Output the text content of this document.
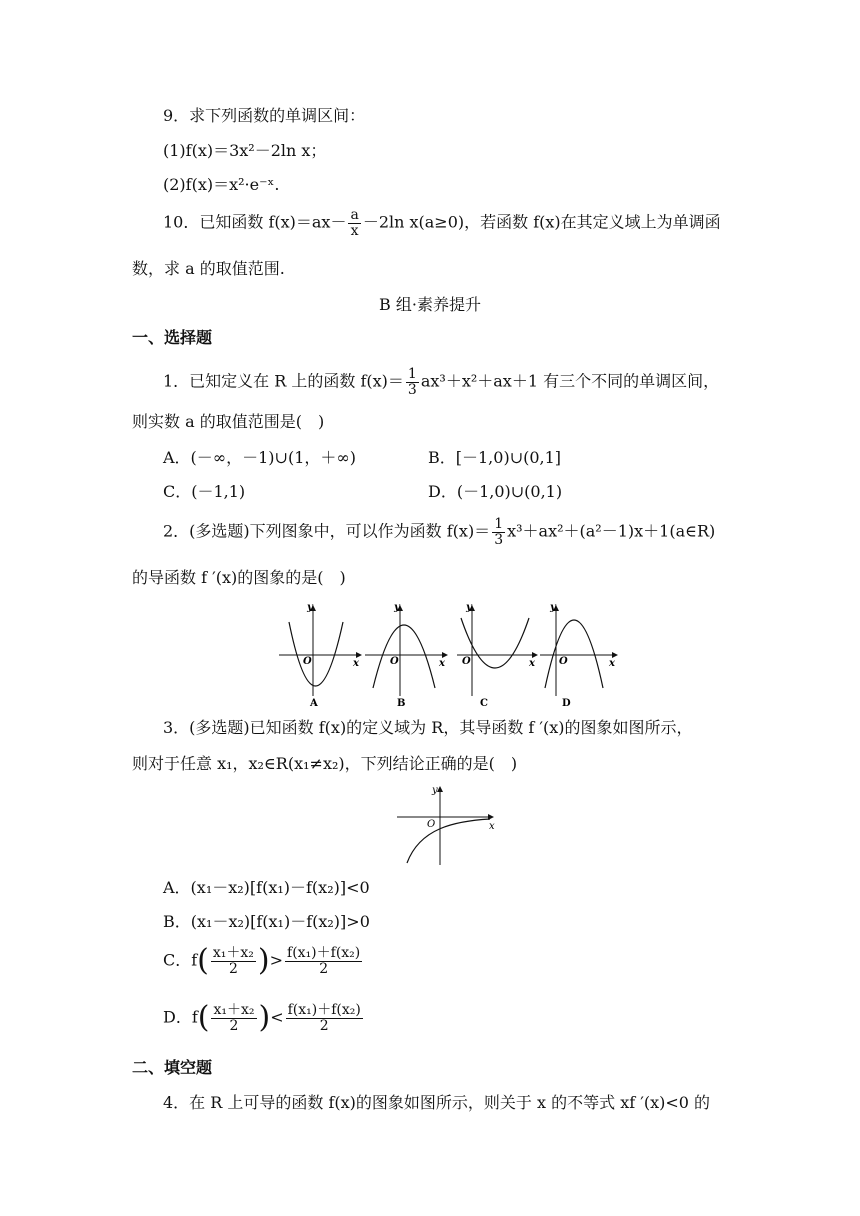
9．求下列函数的单调区间：
(1)f(x)＝3x²－2ln x；
(2)f(x)＝x²·e⁻ˣ.
10．已知函数 $f(x)=ax- \frac{a}{x} -2\ln$ x(a≥0)，若函数 f(x)在其定义域上为单调函
数，求 a 的取值范围.
B 组·素养提升
一、选择题
1．已知定义在 R 上的函数 $f(x)= \frac{1}{3} ax^3+x^2+ax+1$ 有三个不同的单调区间，
则实数 a 的取值范围是(　)
A．(－∞，－1)∪(1，＋∞)	B．[－1,0)∪(0,1]
C．(－1,1)	D．(－1,0)∪(0,1)
2．(多选题)下列图象中，可以作为函数 $f(x)= \frac{1}{3}$ x³＋ax²＋(a²－1)x＋1(a∈R)
的导函数 f ′(x)的图象的是(　)
y
x
O
A
y
x
O
B
y
x
O
C
y
x
O
D
3．(多选题)已知函数 f(x)的定义域为 R，其导函数 f ′(x)的图象如图所示，
则对于任意 x₁，x₂∈R(x₁≠x₂)，下列结论正确的是(　)
y
x
O
A．(x₁－x₂)[f(x₁)－f(x₂)]<0
B．(x₁－x₂)[f(x₁)－f(x₂)]>0
C．$f( \frac{\text{x₁＋x₂}}{2}$ )> $\frac{\text{f(x₁)＋f(x₂)}}{2}$
D．$f( \frac{\text{x₁＋x₂}}{2}$ )< $\frac{\text{f(x₁)＋f(x₂)}}{2}$
二、填空题
4．在 R 上可导的函数 f(x)的图象如图所示，则关于 x 的不等式 xf ′(x)<0 的
